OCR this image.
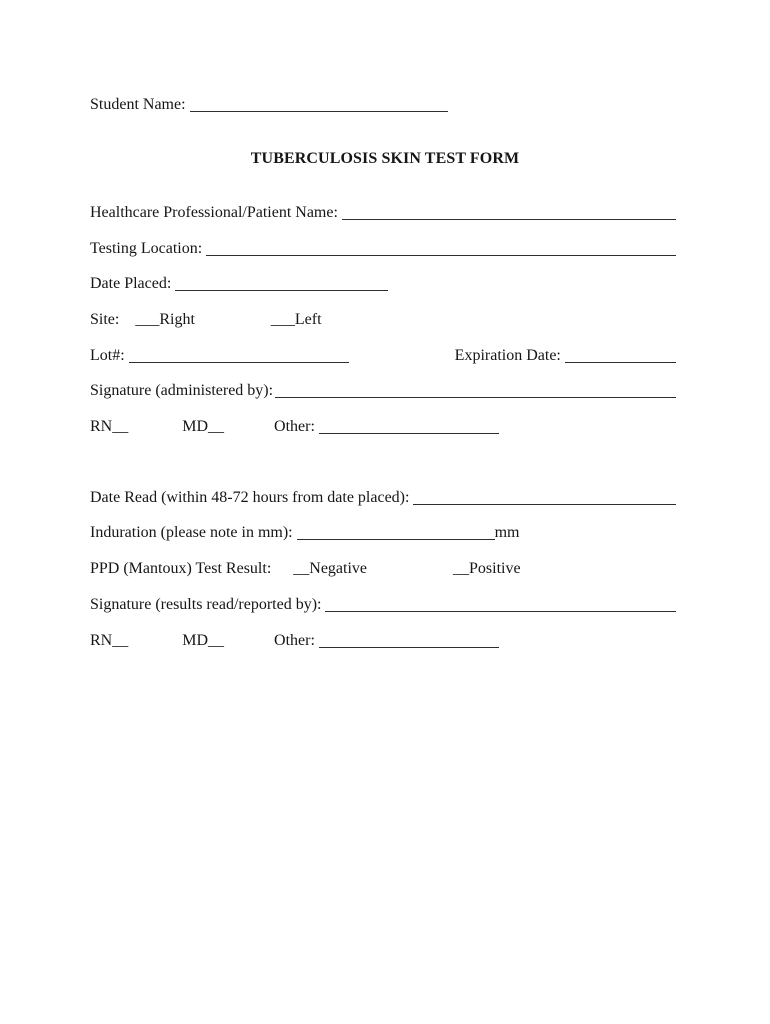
Student Name:
TUBERCULOSIS SKIN TEST FORM
Healthcare Professional/Patient Name:
Testing Location:
Date Placed:
Site: ___ Right	___ Left
Lot#:	Expiration Date:
Signature (administered by):
RN __	MD __	Other:
Date Read (within 48-72 hours from date placed):
Induration (please note in mm):	mm
PPD (Mantoux) Test Result: __ Negative	__ Positive
Signature (results read/reported by):
RN __	MD __	Other:
